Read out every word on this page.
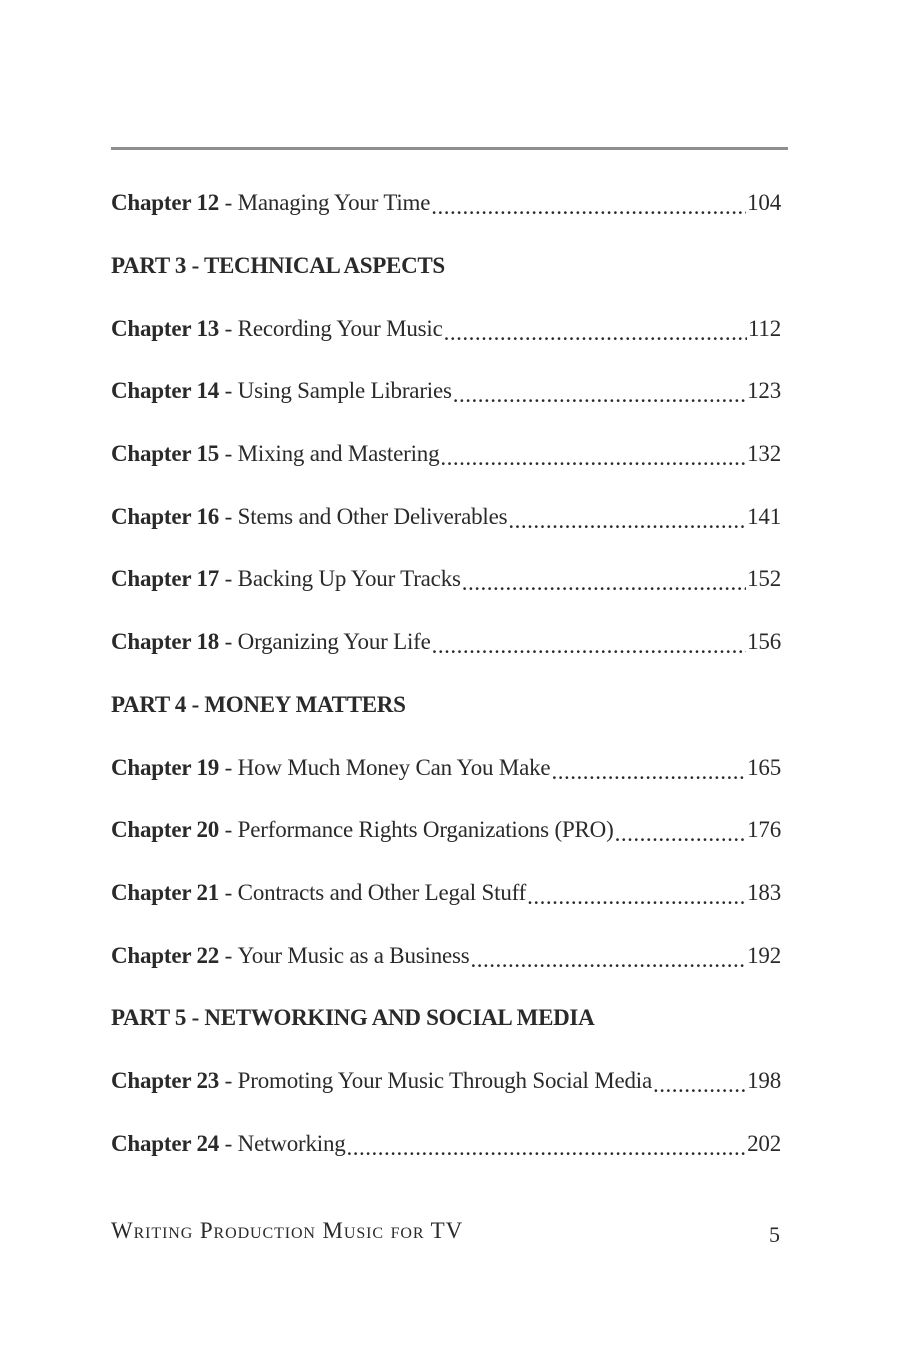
Chapter 12 - Managing Your Time .....	104
PART 3 - TECHNICAL ASPECTS
Chapter 13 - Recording Your Music .....	112
Chapter 14 - Using Sample Libraries .....	123
Chapter 15 - Mixing and Mastering .....	132
Chapter 16 - Stems and Other Deliverables .....	141
Chapter 17 - Backing Up Your Tracks .....	152
Chapter 18 - Organizing Your Life .....	156
PART 4 - MONEY MATTERS
Chapter 19 - How Much Money Can You Make .....	165
Chapter 20 - Performance Rights Organizations (PRO) .....	176
Chapter 21 - Contracts and Other Legal Stuff .....	183
Chapter 22 - Your Music as a Business .....	192
PART 5 - NETWORKING AND SOCIAL MEDIA
Chapter 23 - Promoting Your Music Through Social Media .....	198
Chapter 24 - Networking .....	202
Writing Production Music for TV	5
